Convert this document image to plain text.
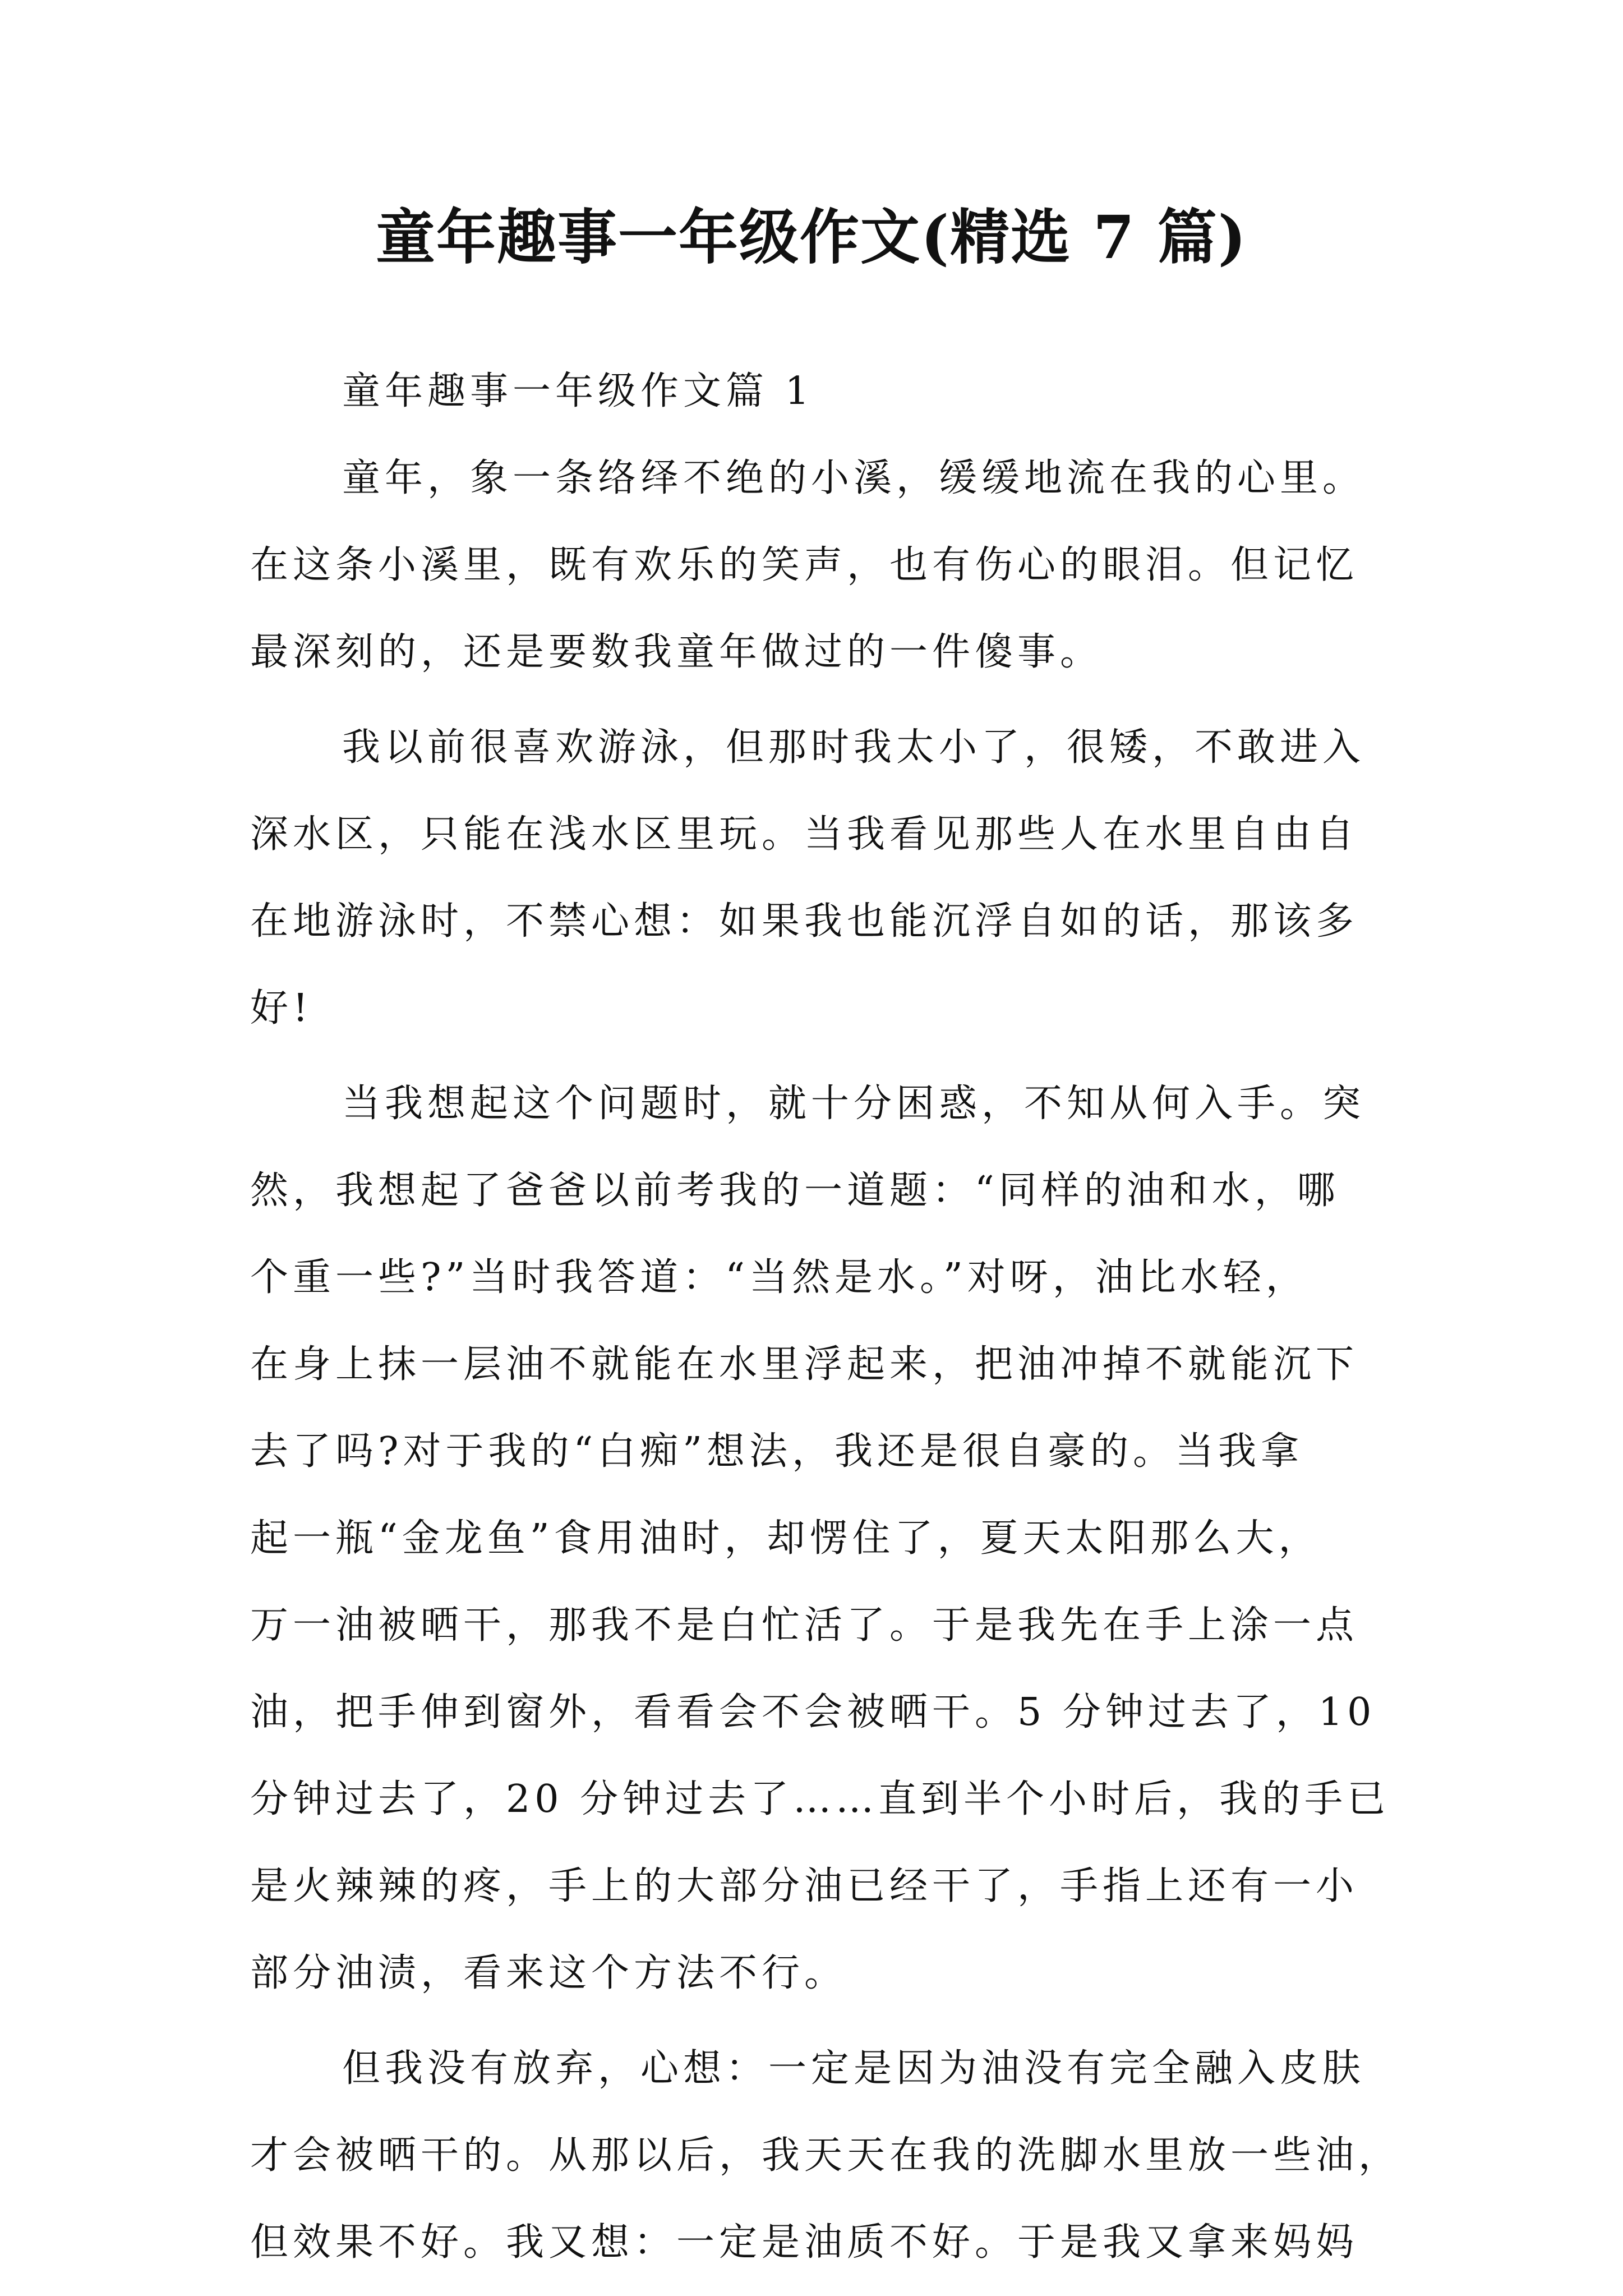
童年趣事一年级作文(精选 7 篇)
童年趣事一年级作文篇 1
童年，象一条络绎不绝的小溪，缓缓地流在我的心里。
在这条小溪里，既有欢乐的笑声，也有伤心的眼泪。但记忆
最深刻的，还是要数我童年做过的一件傻事。
我以前很喜欢游泳，但那时我太小了，很矮，不敢进入
深水区，只能在浅水区里玩。当我看见那些人在水里自由自
在地游泳时，不禁心想：如果我也能沉浮自如的话，那该多
好!
当我想起这个问题时，就十分困惑，不知从何入手。突
然，我想起了爸爸以前考我的一道题：“同样的油和水，哪
个重一些?”当时我答道：“当然是水。”对呀，油比水轻，
在身上抹一层油不就能在水里浮起来，把油冲掉不就能沉下
去了吗?对于我的“白痴”想法，我还是很自豪的。当我拿
起一瓶“金龙鱼”食用油时，却愣住了，夏天太阳那么大，
万一油被晒干，那我不是白忙活了。于是我先在手上涂一点
油，把手伸到窗外，看看会不会被晒干。5 分钟过去了，10
分钟过去了，20 分钟过去了……直到半个小时后，我的手已
是火辣辣的疼，手上的大部分油已经干了，手指上还有一小
部分油渍，看来这个方法不行。
但我没有放弃，心想：一定是因为油没有完全融入皮肤
才会被晒干的。从那以后，我天天在我的洗脚水里放一些油，
但效果不好。我又想：一定是油质不好。于是我又拿来妈妈
